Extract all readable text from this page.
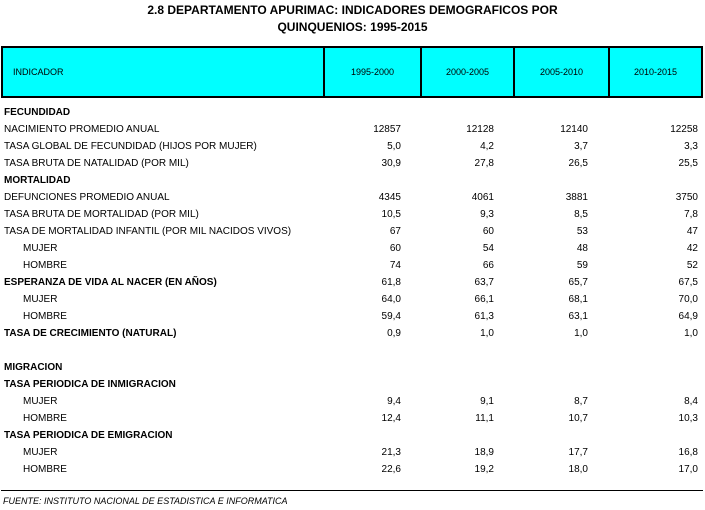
2.8 DEPARTAMENTO APURIMAC: INDICADORES DEMOGRAFICOS POR
QUINQUENIOS: 1995-2015
INDICADOR	1995-2000	2000-2005	2005-2010	2010-2015
FECUNDIDAD
NACIMIENTO PROMEDIO ANUAL	12857	12128	12140	12258
TASA GLOBAL DE FECUNDIDAD (HIJOS POR MUJER)	5,0	4,2	3,7	3,3
TASA BRUTA DE NATALIDAD (POR MIL)	30,9	27,8	26,5	25,5
MORTALIDAD
DEFUNCIONES PROMEDIO ANUAL	4345	4061	3881	3750
TASA BRUTA DE MORTALIDAD (POR MIL)	10,5	9,3	8,5	7,8
TASA DE MORTALIDAD INFANTIL (POR MIL NACIDOS VIVOS)	67	60	53	47
MUJER	60	54	48	42
HOMBRE	74	66	59	52
ESPERANZA DE VIDA AL NACER (EN AÑOS)	61,8	63,7	65,7	67,5
MUJER	64,0	66,1	68,1	70,0
HOMBRE	59,4	61,3	63,1	64,9
TASA DE CRECIMIENTO (NATURAL)	0,9	1,0	1,0	1,0
MIGRACION
TASA PERIODICA DE INMIGRACION
MUJER	9,4	9,1	8,7	8,4
HOMBRE	12,4	11,1	10,7	10,3
TASA PERIODICA DE EMIGRACION
MUJER	21,3	18,9	17,7	16,8
HOMBRE	22,6	19,2	18,0	17,0
FUENTE: INSTITUTO NACIONAL DE ESTADISTICA E INFORMATICA
